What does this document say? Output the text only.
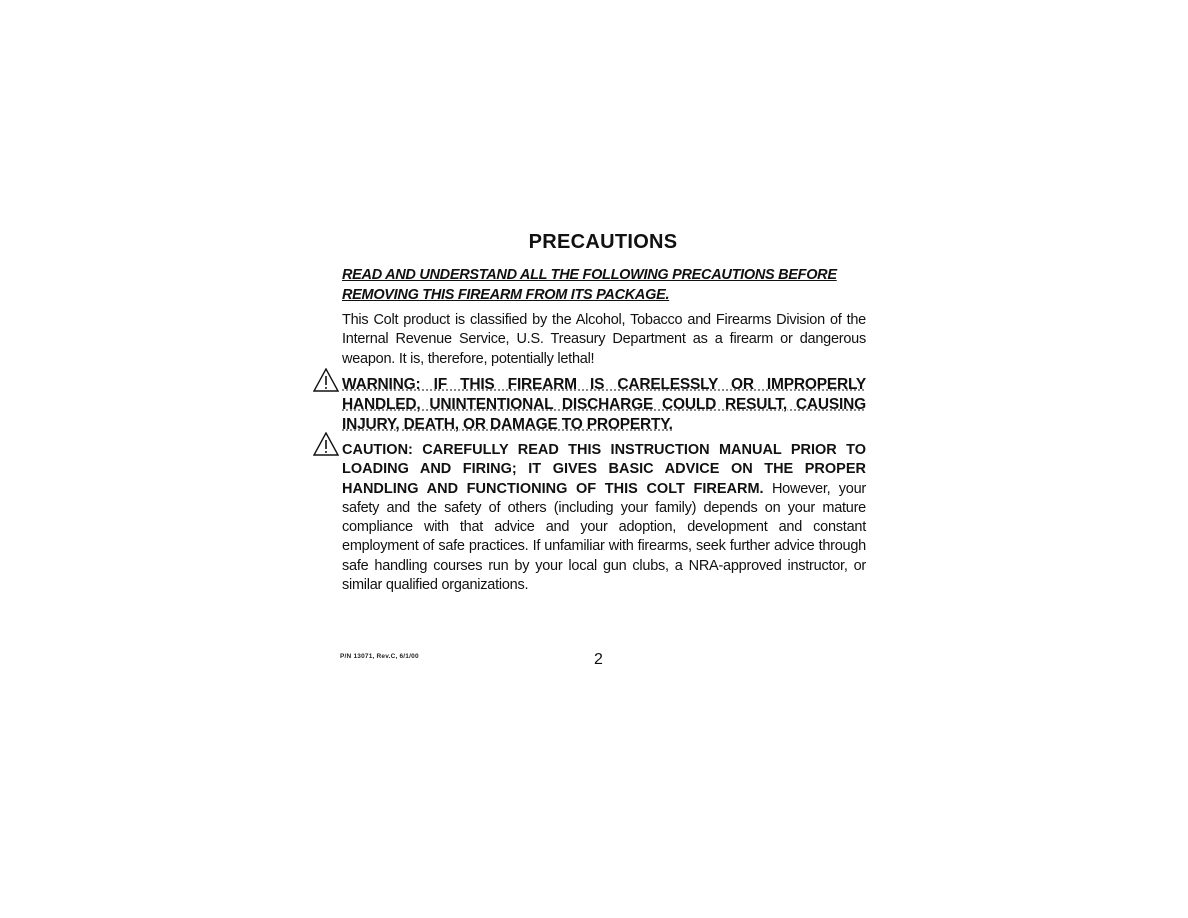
PRECAUTIONS
READ AND UNDERSTAND ALL THE FOLLOWING PRECAUTIONS BEFORE REMOVING THIS FIREARM FROM ITS PACKAGE.
This Colt product is classified by the Alcohol, Tobacco and Firearms Division of the Internal Revenue Service, U.S. Treasury Department as a firearm or dangerous weapon. It is, therefore, potentially lethal!
WARNING: IF THIS FIREARM IS CARELESSLY OR IMPROPERLY HANDLED, UNINTENTIONAL DISCHARGE COULD RESULT, CAUSING INJURY, DEATH, OR DAMAGE TO PROPERTY.
CAUTION: CAREFULLY READ THIS INSTRUCTION MANUAL PRIOR TO LOADING AND FIRING; IT GIVES BASIC ADVICE ON THE PROPER HANDLING AND FUNCTIONING OF THIS COLT FIREARM. However, your safety and the safety of others (including your family) depends on your mature compliance with that advice and your adoption, development and constant employment of safe practices. If unfamiliar with firearms, seek further advice through safe handling courses run by your local gun clubs, a NRA-approved instructor, or similar qualified organizations.
P/N 13071, Rev.C, 6/1/00	2
